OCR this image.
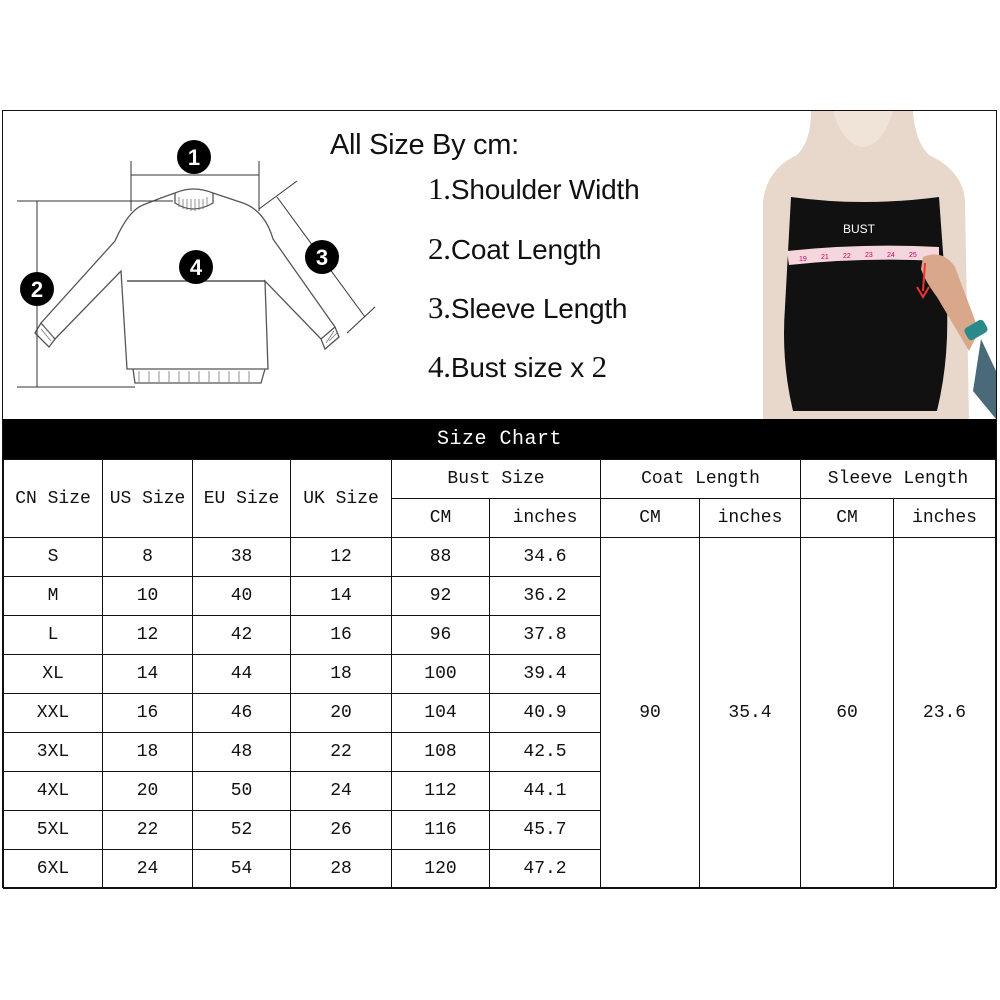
1
2
3
4
All Size By cm:
1.Shoulder Width
2.Coat Length
3.Sleeve Length
4.Bust size x 2
19 21 22 23 24 25
BUST
Size Chart
CN Size	US Size	EU Size	UK Size	Bust Size		Coat Length		Sleeve Length	
				CM	inches	CM	inches	CM	inches
S	8	38	12	88	34.6	90	35.4	60	23.6
M	10	40	14	92	36.2				
L	12	42	16	96	37.8				
XL	14	44	18	100	39.4				
XXL	16	46	20	104	40.9				
3XL	18	48	22	108	42.5				
4XL	20	50	24	112	44.1				
5XL	22	52	26	116	45.7				
6XL	24	54	28	120	47.2				
